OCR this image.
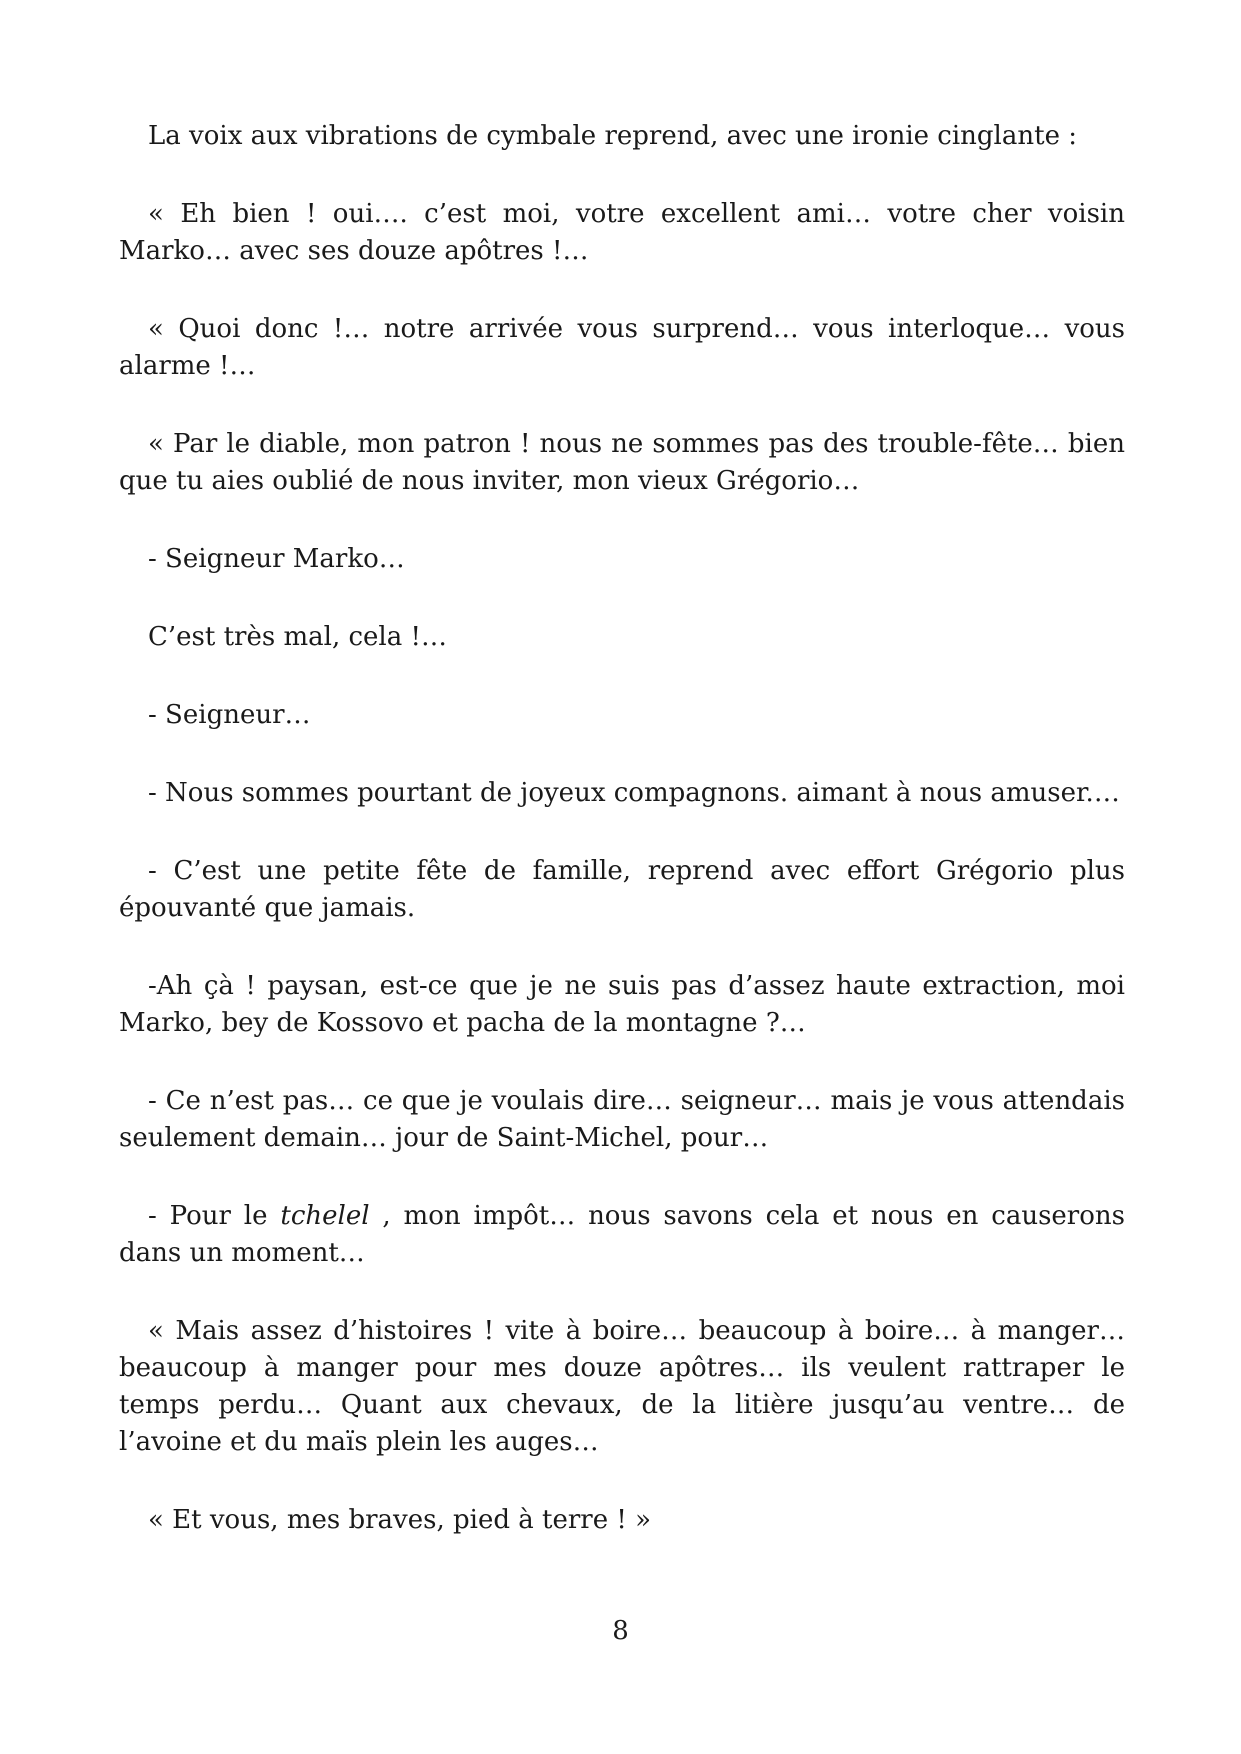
La voix aux vibrations de cymbale reprend, avec une ironie cinglante :

« Eh bien ! oui…. c’est moi, votre excellent ami… votre cher voisin Marko… avec ses douze apôtres !…

« Quoi donc !… notre arrivée vous surprend… vous interloque… vous alarme !…

« Par le diable, mon patron ! nous ne sommes pas des trouble-fête… bien que tu aies oublié de nous inviter, mon vieux Grégorio…

- Seigneur Marko…

C’est très mal, cela !…

- Seigneur…

- Nous sommes pourtant de joyeux compagnons. aimant à nous amuser.…

- C’est une petite fête de famille, reprend avec effort Grégorio plus épouvanté que jamais.

-Ah çà ! paysan, est-ce que je ne suis pas d’assez haute extraction, moi Marko, bey de Kossovo et pacha de la montagne ?…

- Ce n’est pas… ce que je voulais dire… seigneur… mais je vous attendais seulement demain… jour de Saint-Michel, pour…

- Pour le tchelel , mon impôt… nous savons cela et nous en causerons dans un moment…

« Mais assez d’histoires ! vite à boire… beaucoup à boire… à manger… beaucoup à manger pour mes douze apôtres… ils veulent rattraper le temps perdu… Quant aux chevaux, de la litière jusqu’au ventre… de l’avoine et du maïs plein les auges…

« Et vous, mes braves, pied à terre ! »

8
